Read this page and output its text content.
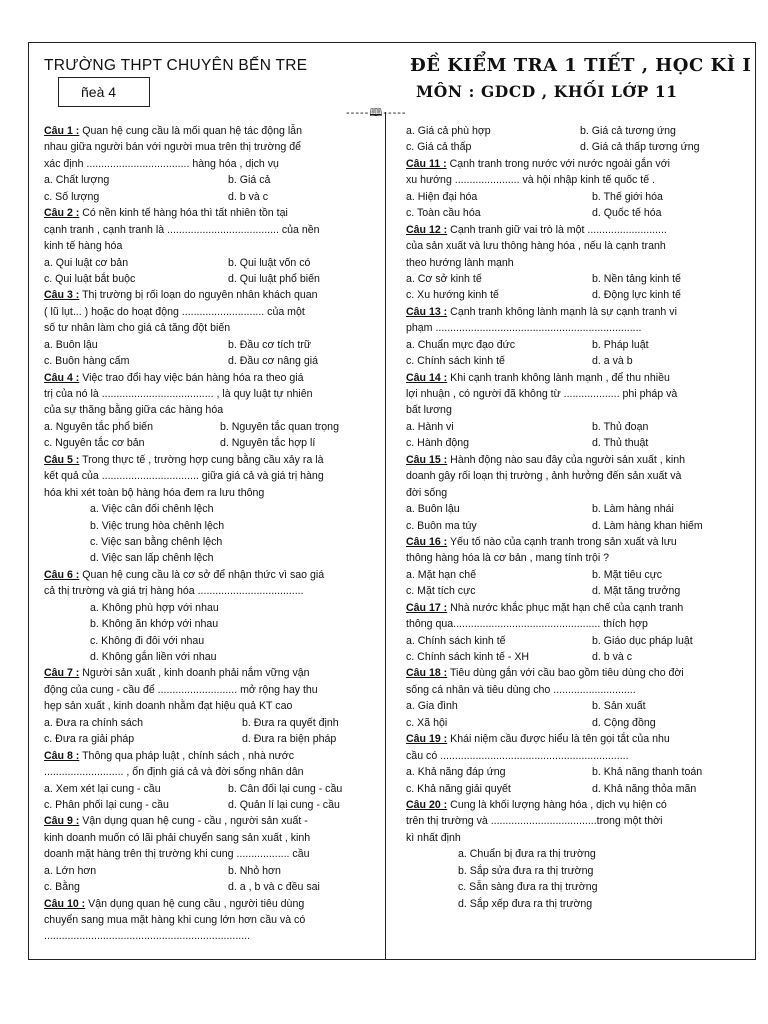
TRƯỜNG THPT CHUYÊN BẾN TRE
ñeà 4
ĐỀ KIỂM TRA 1 TIẾT , HỌC KÌ I
MÔN : GDCD , KHỐI LỚP 11
-----🕮-----
Câu 1 : Quan hệ cung cầu là mối quan hệ tác động lẫn
nhau giữa người bán với người mua trên thị trường để
xác định ................................... hàng hóa , dịch vụ
a. Chất lượng	b. Giá cả
c. Số lượng	d. b và c
Câu 2 : Có nền kinh tế hàng hóa thì tất nhiên tồn tại
cạnh tranh , cạnh tranh là ...................................... của nền
kinh tế hàng hóa
a. Qui luật cơ bản	b. Qui luật vốn có
c. Qui luật bắt buộc	d. Qui luật phổ biến
Câu 3 : Thị trường bị rối loạn do nguyên nhân khách quan
( lũ lụt... ) hoặc do hoạt động ............................ của một
số tư nhân làm cho giá cả tăng đột biến
a. Buôn lậu	b. Đầu cơ tích trữ
c. Buôn hàng cấm	d. Đầu cơ nâng giá
Câu 4 : Việc trao đổi hay việc bán hàng hóa ra theo giá
trị của nó là ...................................... , là quy luật tự nhiên
của sự thăng bằng giữa các hàng hóa
a. Nguyên tắc phổ biến	b. Nguyên tắc quan trọng
c. Nguyên tắc cơ bản	d. Nguyên tắc hợp lí
Câu 5 : Trong thực tế , trường hợp cung bằng cầu xảy ra là
kết quả của ................................. giữa giá cả và giá trị hàng
hóa khi xét toàn bộ hàng hóa đem ra lưu thông
a. Việc cân đối chênh lệch
b. Việc trung hòa chênh lệch
c. Việc san bằng chênh lệch
d. Việc san lấp chênh lệch
Câu 6 : Quan hệ cung cầu là cơ sở để nhận thức vì sao giá
cả thị trường và giá trị hàng hóa ....................................
a. Không phù hợp với nhau
b. Không ăn khớp với nhau
c. Không đi đôi với nhau
d. Không gắn liền với nhau
Câu 7 : Người sản xuất , kinh doanh phải nắm vững vận
động của cung - cầu để ........................... mở rộng hay thu
hẹp sản xuất , kinh doanh nhằm đạt hiệu quả KT cao
a. Đưa ra chính sách	b. Đưa ra quyết định
c. Đưa ra giải pháp	d. Đưa ra biện pháp
Câu 8 : Thông qua pháp luật , chính sách , nhà nước
........................... , ổn định giá cả và đời sống nhân dân
a. Xem xét lại cung - cầu	b. Cân đối lại cung - cầu
c. Phân phối lại cung - cầu	d. Quản lí lại cung - cầu
Câu 9 : Vận dụng quan hệ cung - cầu , người sản xuất -
kinh doanh muốn có lãi phải chuyển sang sản xuất , kinh
doanh mặt hàng trên thị trường khi cung .................. cầu
a. Lớn hơn	b. Nhỏ hơn
c. Bằng	d. a , b và c đều sai
Câu 10 : Vận dụng quan hệ cung cầu , người tiêu dùng
chuyển sang mua mặt hàng khi cung lớn hơn cầu và có
......................................................................
a. Giá cả phù hợp	b. Giá cả tương ứng
c. Giá cả thấp	d. Giá cả thấp tương ứng
Câu 11 : Cạnh tranh trong nước với nước ngoài gắn với
xu hướng ...................... và hội nhập kinh tế quốc tế .
a. Hiện đại hóa	b. Thế giới hóa
c. Toàn cầu hóa	d. Quốc tế hóa
Câu 12 : Cạnh tranh giữ vai trò là một ...........................
của sản xuất và lưu thông hàng hóa , nếu là cạnh tranh
theo hướng lành mạnh
a. Cơ sở kinh tế	b. Nền tảng kinh tế
c. Xu hướng kinh tế	d. Động lực kinh tế
Câu 13 : Cạnh tranh không lành mạnh là sự cạnh tranh vi
phạm ......................................................................
a. Chuẩn mực đạo đức	b. Pháp luật
c. Chính sách kinh tế	d. a và b
Câu 14 : Khi cạnh tranh không lành mạnh , để thu nhiều
lợi nhuận , có người đã không từ ................... phi pháp và
bất lương
a. Hành vi	b. Thủ đoạn
c. Hành động	d. Thủ thuật
Câu 15 : Hành động nào sau đây của người sản xuất , kinh
doanh gây rối loạn thị trường , ảnh hưởng đến sản xuất và
đời sống
a. Buôn lậu	b. Làm hàng nhái
c. Buôn ma túy	d. Làm hàng khan hiếm
Câu 16 : Yếu tố nào của cạnh tranh trong sản xuất và lưu
thông hàng hóa là cơ bản , mang tính trội ?
a. Mặt hạn chế	b. Mặt tiêu cực
c. Mặt tích cực	d. Mặt tăng trưởng
Câu 17 : Nhà nước khắc phục mặt hạn chế của cạnh tranh
thông qua.................................................. thích hợp
a. Chính sách kinh tế	b. Giáo dục pháp luật
c. Chính sách kinh tế - XH	d. b và c
Câu 18 : Tiêu dùng gắn với cầu bao gồm tiêu dùng cho đời
sống cá nhân và tiêu dùng cho ............................
a. Gia đình	b. Sản xuất
c. Xã hội	d. Cộng đồng
Câu 19 : Khái niệm cầu được hiểu là tên gọi tắt của nhu
cầu có ................................................................
a. Khả năng đáp ứng	b. Khả năng thanh toán
c. Khả năng giải quyết	d. Khả năng thỏa mãn
Câu 20 : Cung là khối lượng hàng hóa , dịch vụ hiện có
trên thị trường và ....................................trong một thời
kì nhất định
a. Chuẩn bị đưa ra thị trường
b. Sắp sửa đưa ra thị trường
c. Sẵn sàng đưa ra thị trường
d. Sắp xếp đưa ra thị trường
